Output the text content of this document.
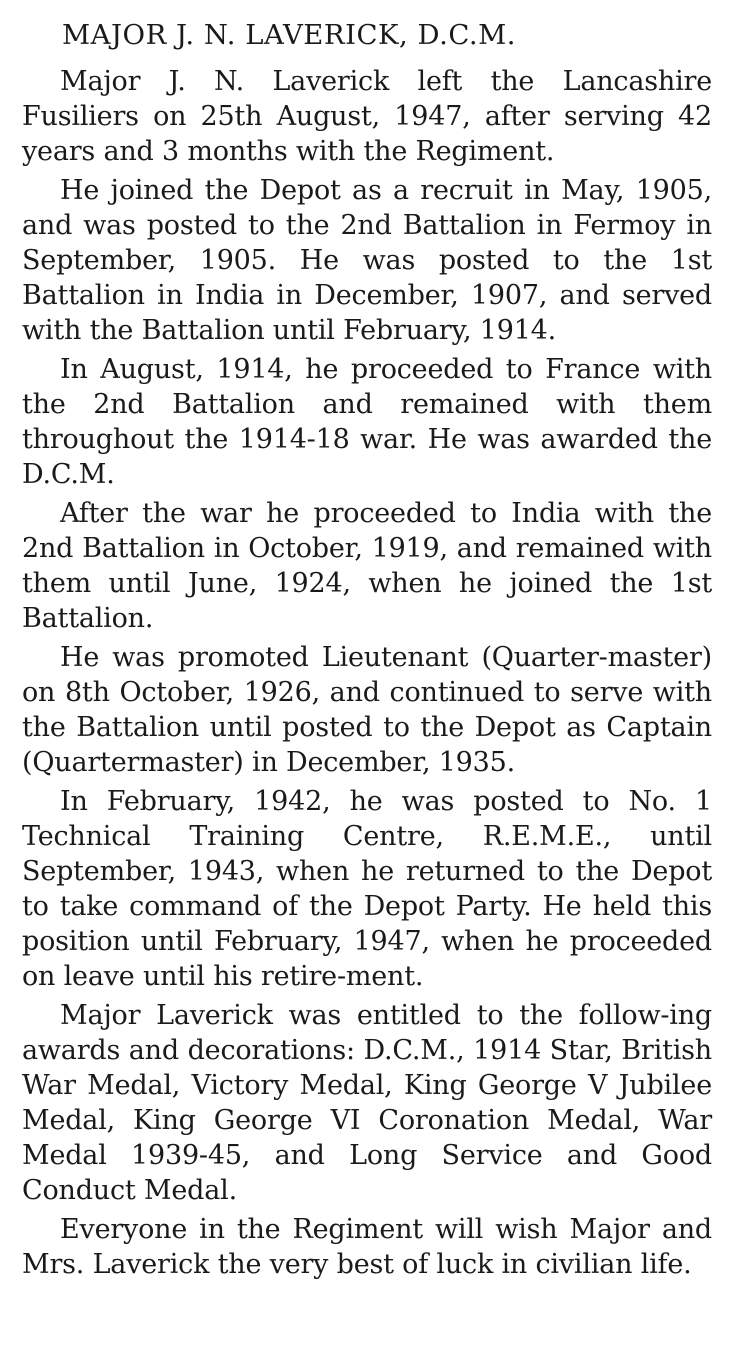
MAJOR J. N. LAVERICK, D.C.M.

Major J. N. Laverick left the Lancashire Fusiliers on 25th August, 1947, after serving 42 years and 3 months with the Regiment.

He joined the Depot as a recruit in May, 1905, and was posted to the 2nd Battalion in Fermoy in September, 1905. He was posted to the 1st Battalion in India in December, 1907, and served with the Battalion until February, 1914.

In August, 1914, he proceeded to France with the 2nd Battalion and remained with them throughout the 1914-18 war. He was awarded the D.C.M.

After the war he proceeded to India with the 2nd Battalion in October, 1919, and remained with them until June, 1924, when he joined the 1st Battalion.

He was promoted Lieutenant (Quarter-master) on 8th October, 1926, and continued to serve with the Battalion until posted to the Depot as Captain (Quartermaster) in December, 1935.

In February, 1942, he was posted to No. 1 Technical Training Centre, R.E.M.E., until September, 1943, when he returned to the Depot to take command of the Depot Party. He held this position until February, 1947, when he proceeded on leave until his retire-ment.

Major Laverick was entitled to the follow-ing awards and decorations: D.C.M., 1914 Star, British War Medal, Victory Medal, King George V Jubilee Medal, King George VI Coronation Medal, War Medal 1939-45, and Long Service and Good Conduct Medal.

Everyone in the Regiment will wish Major and Mrs. Laverick the very best of luck in civilian life.
